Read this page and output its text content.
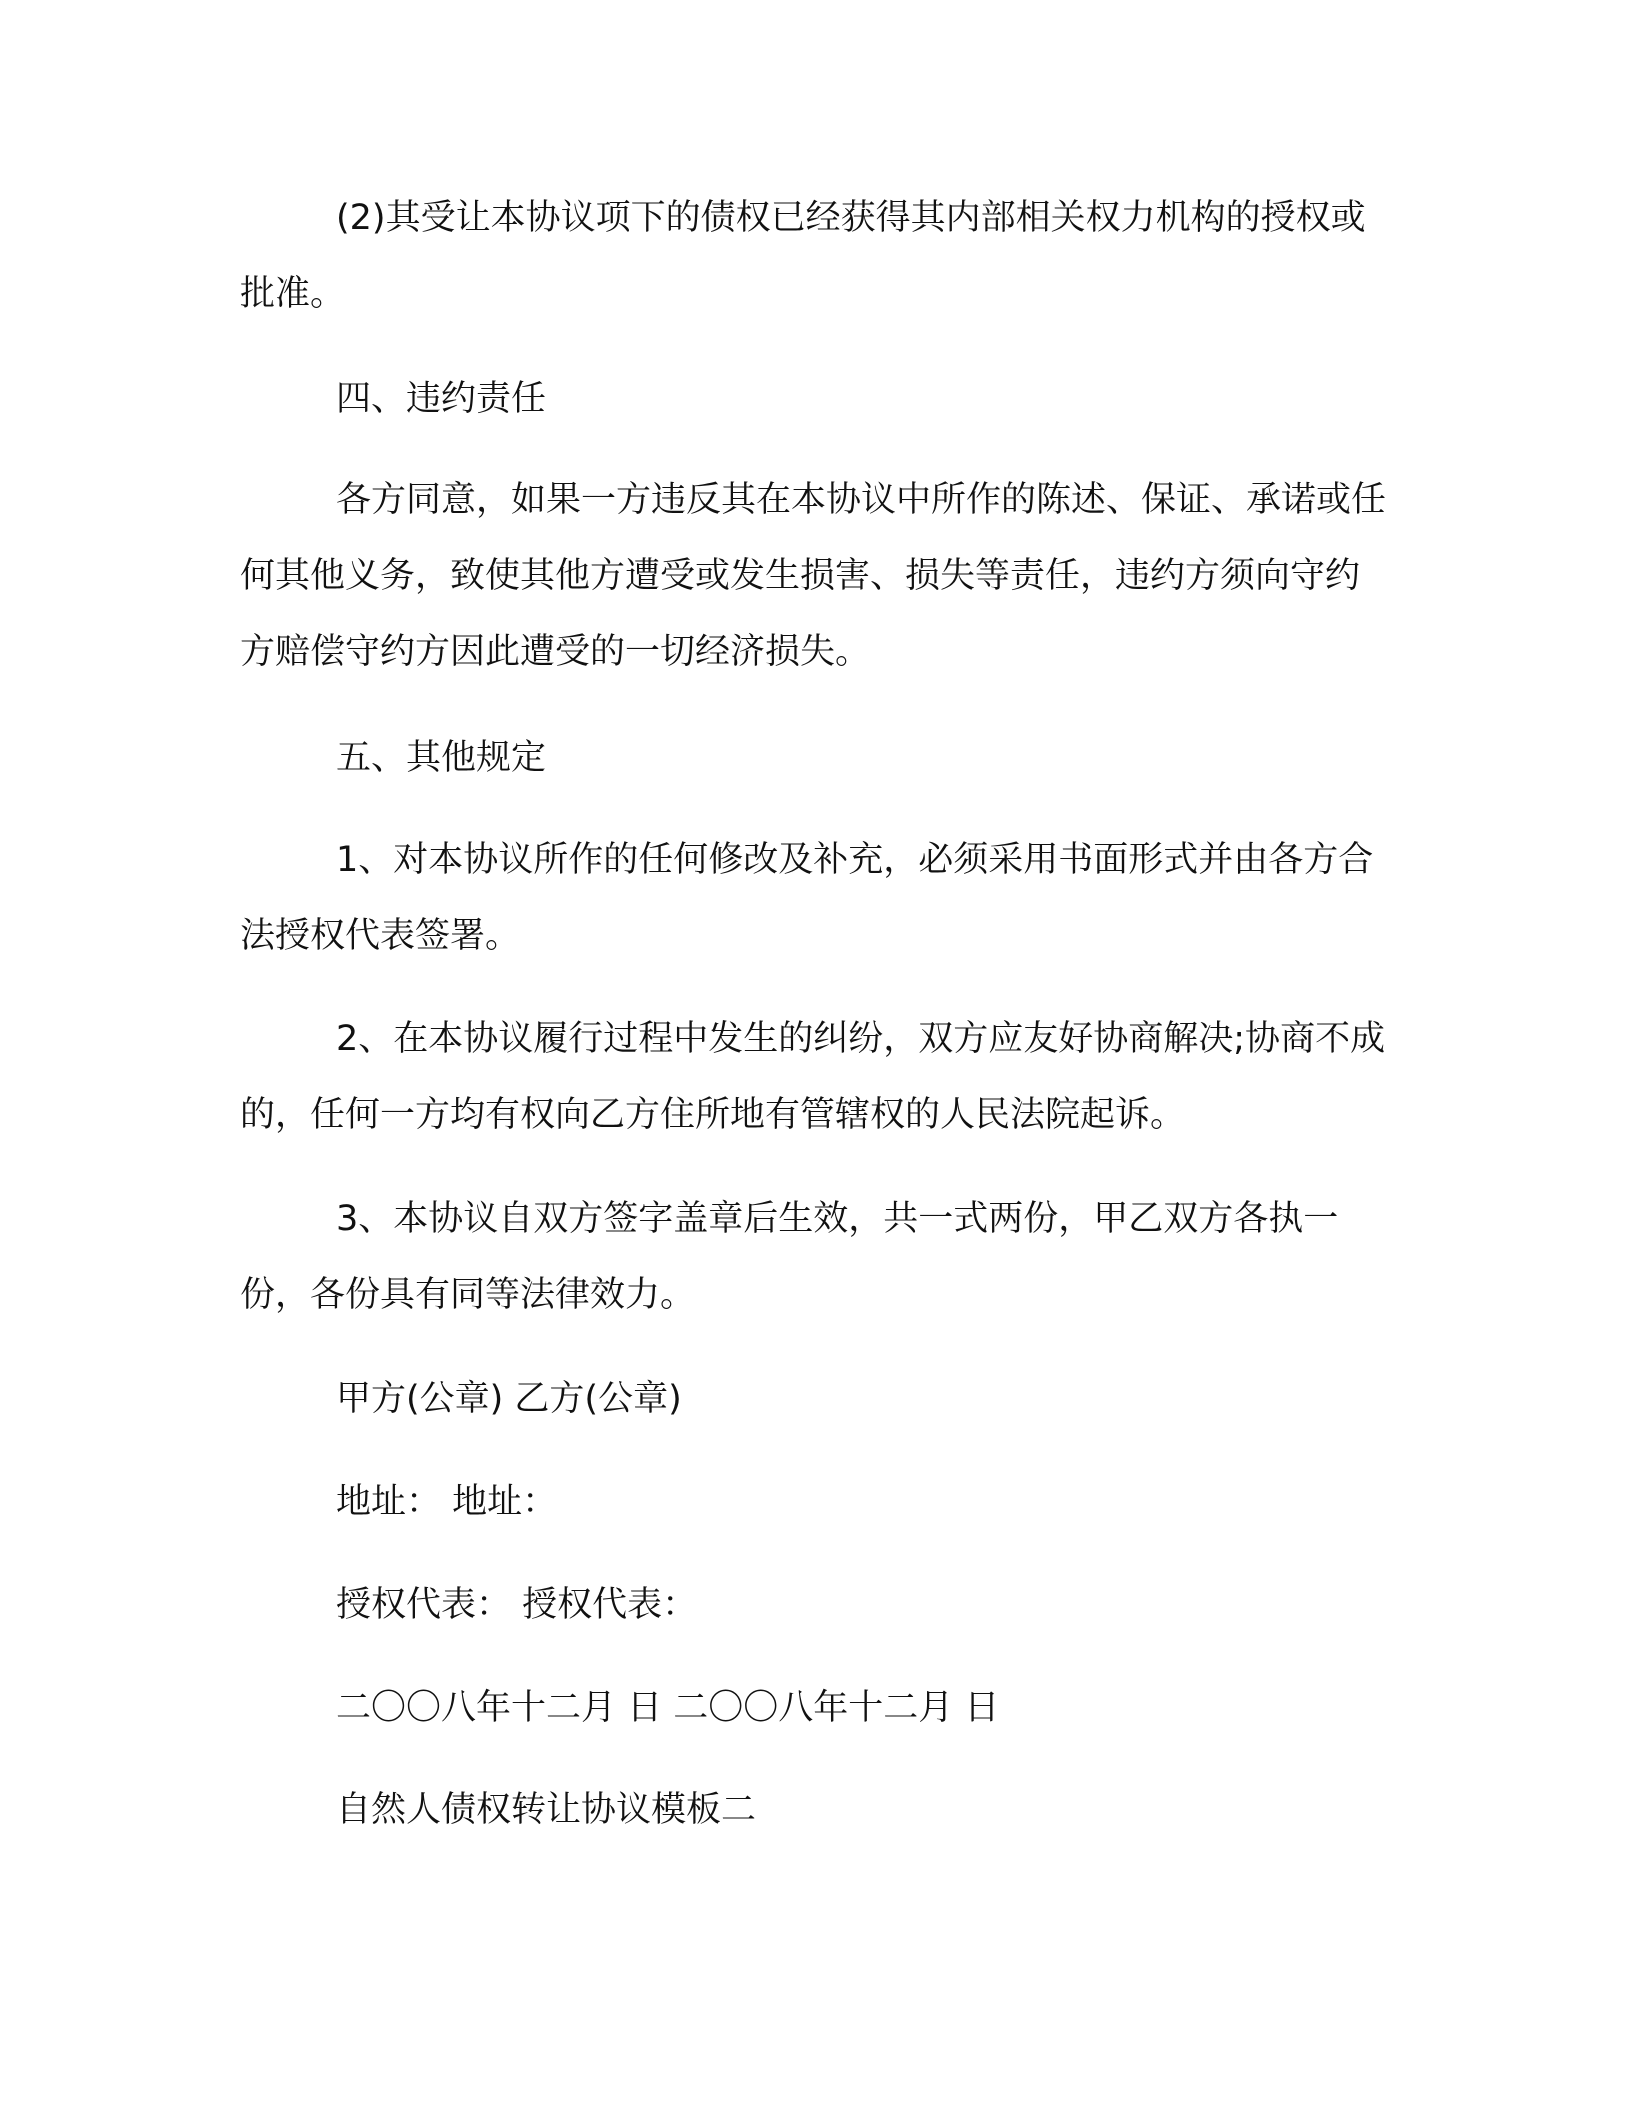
(2)其受让本协议项下的债权已经获得其内部相关权力机构的授权或批准。

四、违约责任

各方同意，如果一方违反其在本协议中所作的陈述、保证、承诺或任何其他义务，致使其他方遭受或发生损害、损失等责任，违约方须向守约方赔偿守约方因此遭受的一切经济损失。

五、其他规定

1、对本协议所作的任何修改及补充，必须采用书面形式并由各方合法授权代表签署。

2、在本协议履行过程中发生的纠纷，双方应友好协商解决;协商不成的，任何一方均有权向乙方住所地有管辖权的人民法院起诉。

3、本协议自双方签字盖章后生效，共一式两份，甲乙双方各执一份，各份具有同等法律效力。

甲方(公章) 乙方(公章)

地址： 地址：

授权代表： 授权代表：

二〇〇八年十二月 日 二〇〇八年十二月 日

自然人债权转让协议模板二
